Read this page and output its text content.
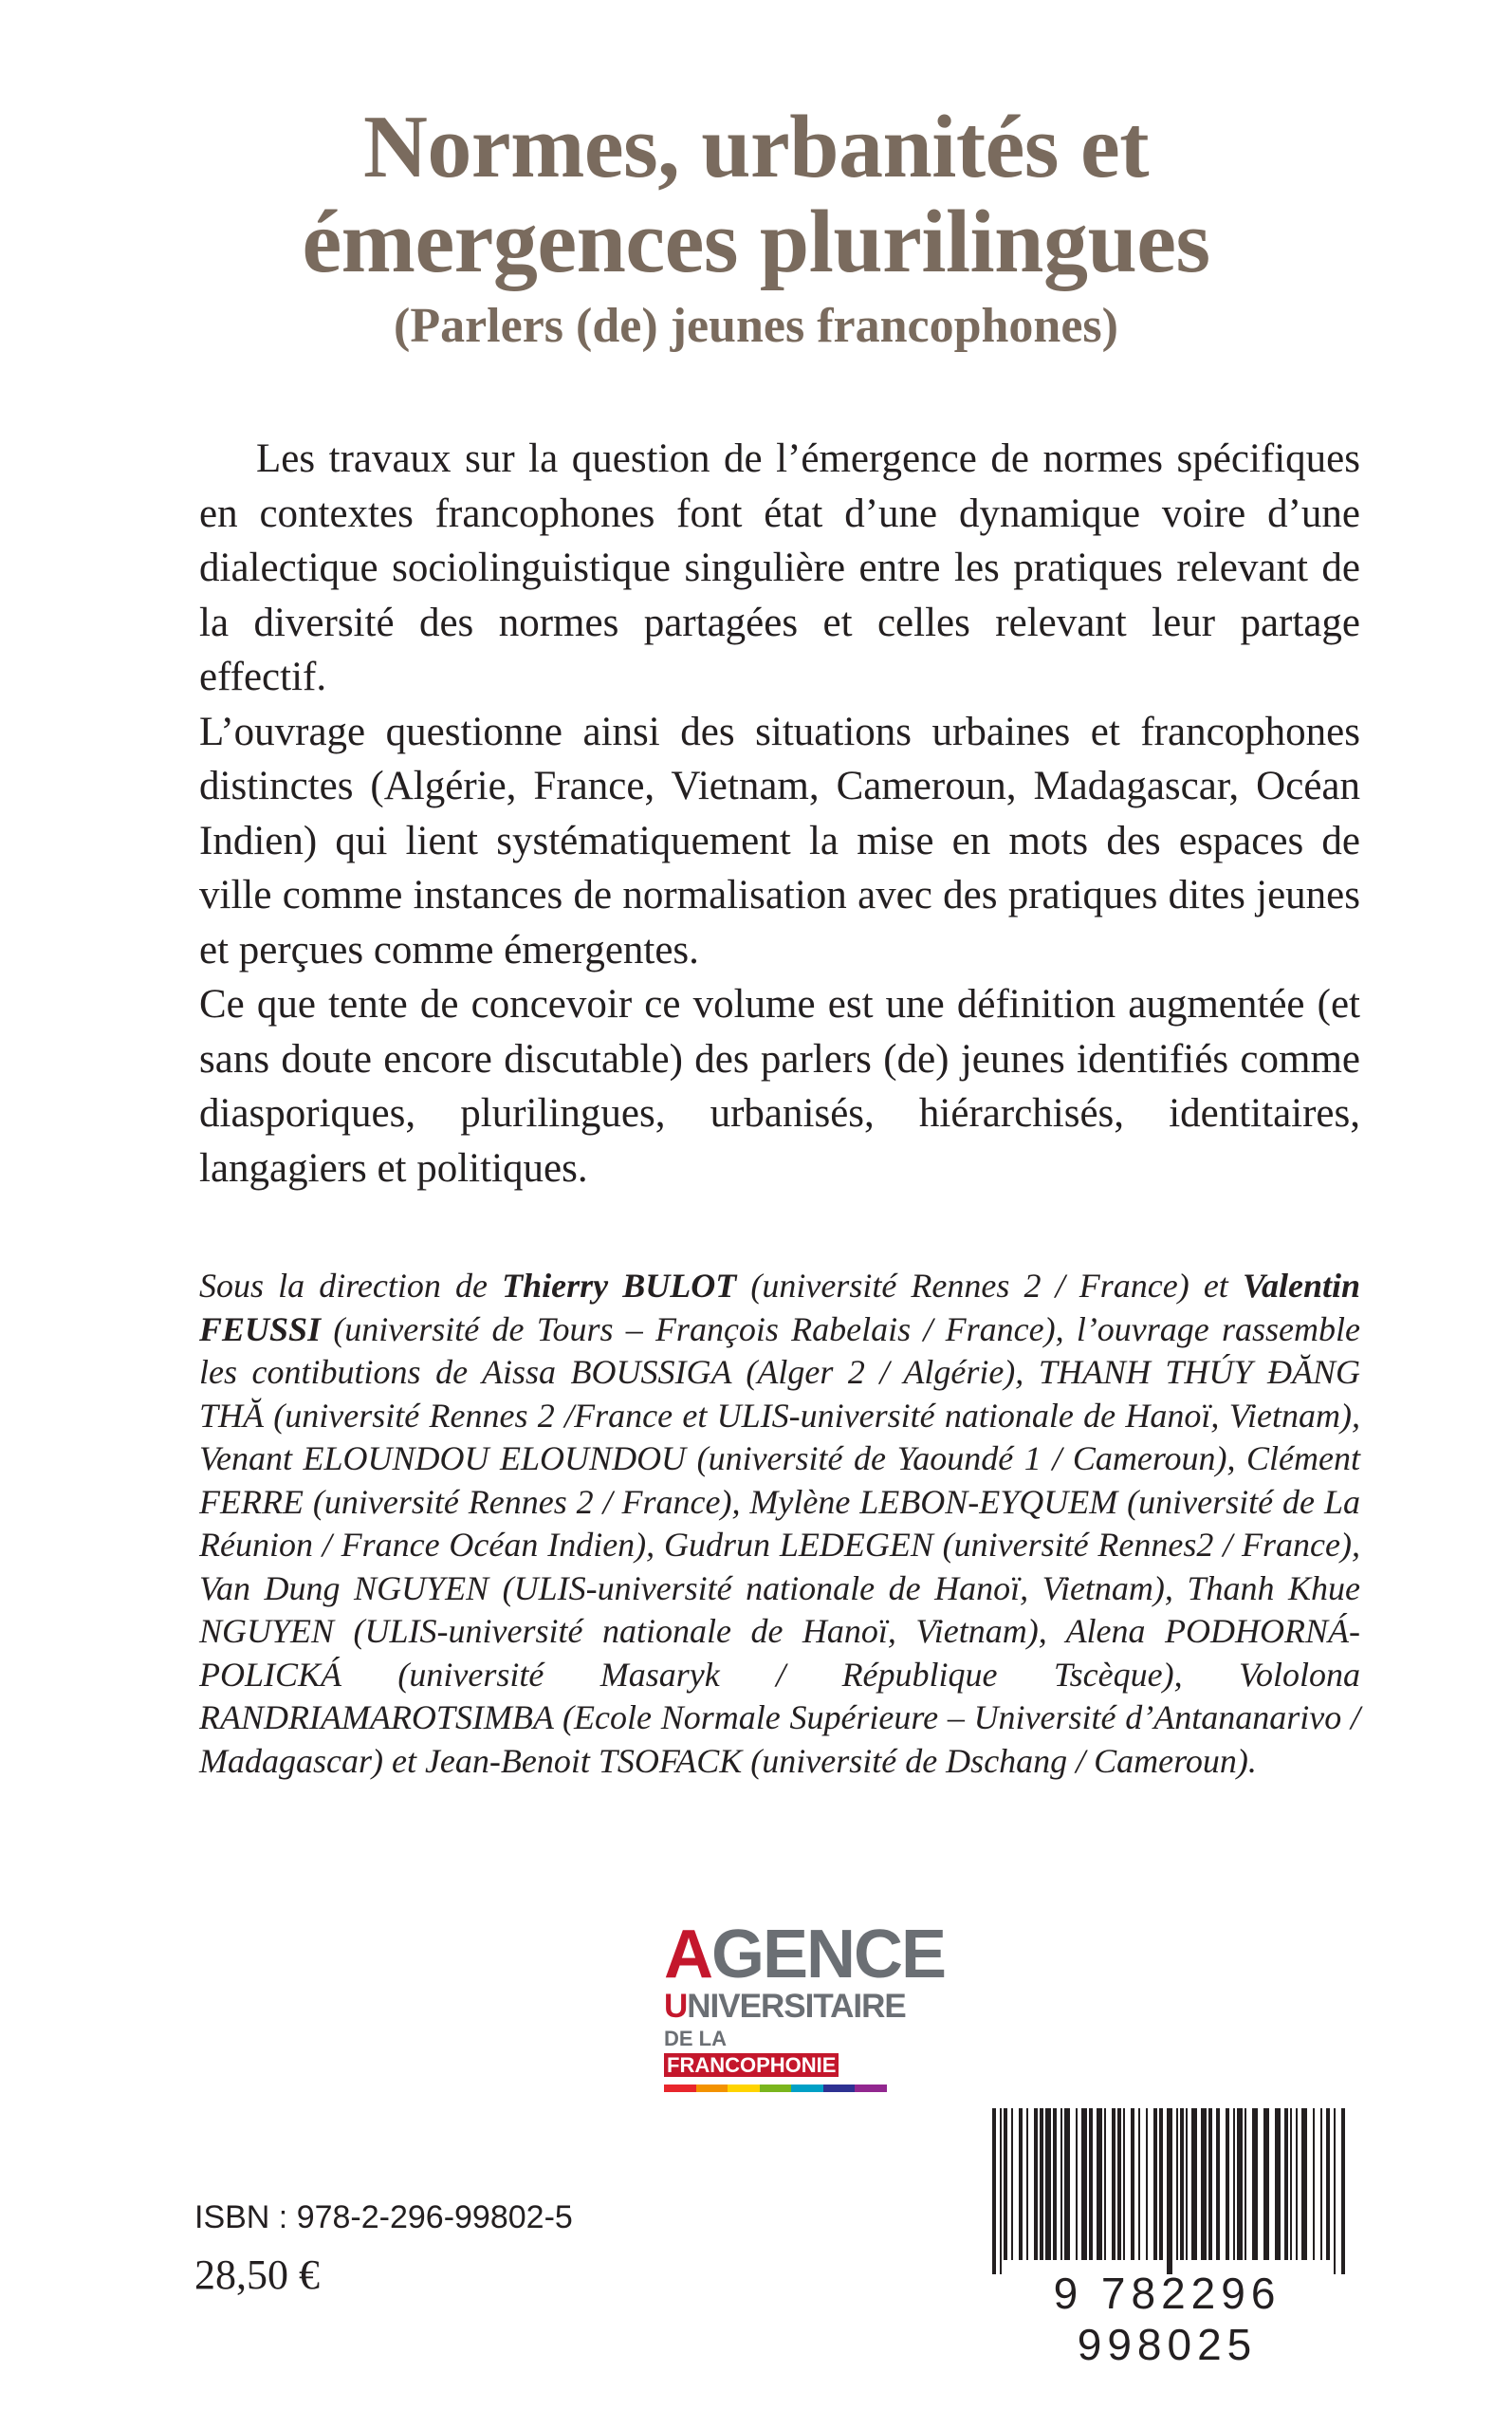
Normes, urbanités et
émergences plurilingues
(Parlers (de) jeunes francophones)

Les travaux sur la question de l’émergence de normes spécifiques en contextes francophones font état d’une dynamique voire d’une dialectique sociolinguistique singulière entre les pratiques relevant de la diversité des normes partagées et celles relevant leur partage effectif.

L’ouvrage questionne ainsi des situations urbaines et francophones distinctes (Algérie, France, Vietnam, Cameroun, Madagascar, Océan Indien) qui lient systématiquement la mise en mots des espaces de ville comme instances de normalisation avec des pratiques dites jeunes et perçues comme émergentes.

Ce que tente de concevoir ce volume est une définition augmentée (et sans doute encore discutable) des parlers (de) jeunes identifiés comme diasporiques, plurilingues, urbanisés, hiérarchisés, identitaires, langagiers et politiques.

Sous la direction de Thierry BULOT (université Rennes 2 / France) et Valentin FEUSSI (université de Tours – François Rabelais / France), l’ouvrage rassemble les contibutions de Aissa BOUSSIGA (Alger 2 / Algérie), THANH THÚY ĐĂNG THĂ (université Rennes 2 /France et ULIS-université nationale de Hanoï, Vietnam), Venant ELOUNDOU ELOUNDOU (université de Yaoundé 1 / Cameroun), Clément FERRE (université Rennes 2 / France), Mylène LEBON-EYQUEM (université de La Réunion / France Océan Indien), Gudrun LEDEGEN (université Rennes2 / France), Van Dung NGUYEN (ULIS-université nationale de Hanoï, Vietnam), Thanh Khue NGUYEN (ULIS-université nationale de Hanoï, Vietnam), Alena PODHORNÁ-POLICKÁ (université Masaryk / République Tscèque), Vololona RANDRIAMAROTSIMBA (Ecole Normale Supérieure – Université d’Antananarivo / Madagascar) et Jean-Benoit TSOFACK (université de Dschang / Cameroun).
AGENCE
UNIVERSITAIRE
DE LA FRANCOPHONIE
ISBN : 978-2-296-99802-5
28,50 €	9 782296 998025
